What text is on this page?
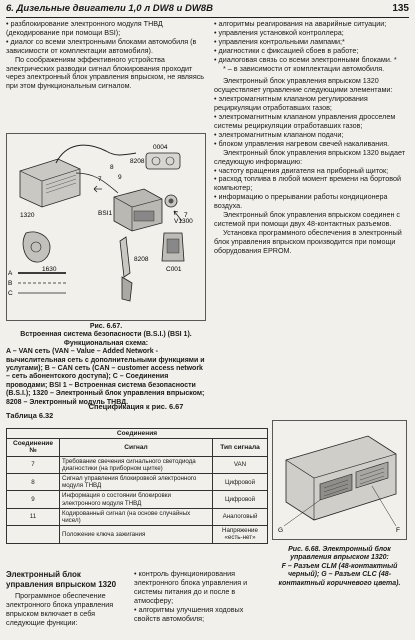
6. Дизельные двигатели 1,0 л DW8 и DW8B	135

• разблокирование электронного модуля ТНВД (декодирование при помощи BSI);

• диалог со всеми электронными блоками автомобиля (в зависимости от комплектации автомобиля).

По соображениям эффективного устройства электрических разводки сигнал блокирования проходит через электронный блок управления впрыском, не являясь при этом функциональным сигналом.

A
B
C
1320
1630
BSI1
0004
8208
8208
V1300
C001
7
7
8
9

Рис. 6.67.

Встроенная система безопасности (B.S.I.) (BSI 1).

Функциональная схема:

A – VAN сеть (VAN – Value – Added Network - вычислительная сеть с дополнительными функциями и услугами); B – CAN сеть (CAN – customer access network – сеть абонентского доступа); C – Соединения проводами; BSI 1 – Встроенная система безопасности (B.S.I.); 1320 – Электронный блок управления впрыском; 8208 – Электронный модуль ТНВД.

Спецификация к рис. 6.67

Таблица 6.32

Соединения		
Соединение №	Сигнал	Тип сигнала
7	Требование свечения сигнального светодиода диагностики (на приборном щитке)	VAN
8	Сигнал управления блокировкой электронного модуля ТНВД	Цифровой
9	Информация о состоянии блокировки электронного модуля ТНВД	Цифровой
11	Кодированный сигнал (на основе случайных чисел)	Аналоговый
	Положение ключа зажигания	Напряжение «есть-нет»

Электронный блок управления впрыском 1320

Программное обеспечение электронного блока управления впрыском включает в себя следующие функции:

• контроль функционирования электронного блока управления и системы питания до и после в атмосферу;

• алгоритмы улучшения ходовых свойств автомобиля;

• алгоритмы реагирования на аварийные ситуации;

• управления установкой контроллера;

• управления контрольными лампами;*

• диагностики с фиксацией сбоев в работе;

• диалоговая связь со всеми электронными блоками. *

* – в зависимости от комплектации автомобиля.

Электронный блок управления впрыском 1320 осуществляет управление следующими элементами:

• электромагнитным клапаном регулирования рециркуляции отработавших газов;

• электромагнитным клапаном управления дросселем системы рециркуляции отработавших газов;

• электромагнитным клапаном подачи;

• блоком управления нагревом свечей накаливания.

Электронный блок управления впрыском 1320 выдает следующую информацию:

• частоту вращения двигателя на приборный щиток;

• расход топлива в любой момент времени на бортовой компьютер;

• информацию о прерывании работы кондиционера воздуха.

Электронный блок управления впрыском соединен с системой при помощи двух 48-контактных разъемов.

Установка программного обеспечения в электронный блок управления впрыском производится при помощи оборудования EPROM.

G	F

Рис. 6.68. Электронный блок управления впрыском 1320:

F – Разъем CLM (48-контактный черный); G – Разъем CLC (48-контактный коричневого цвета).
